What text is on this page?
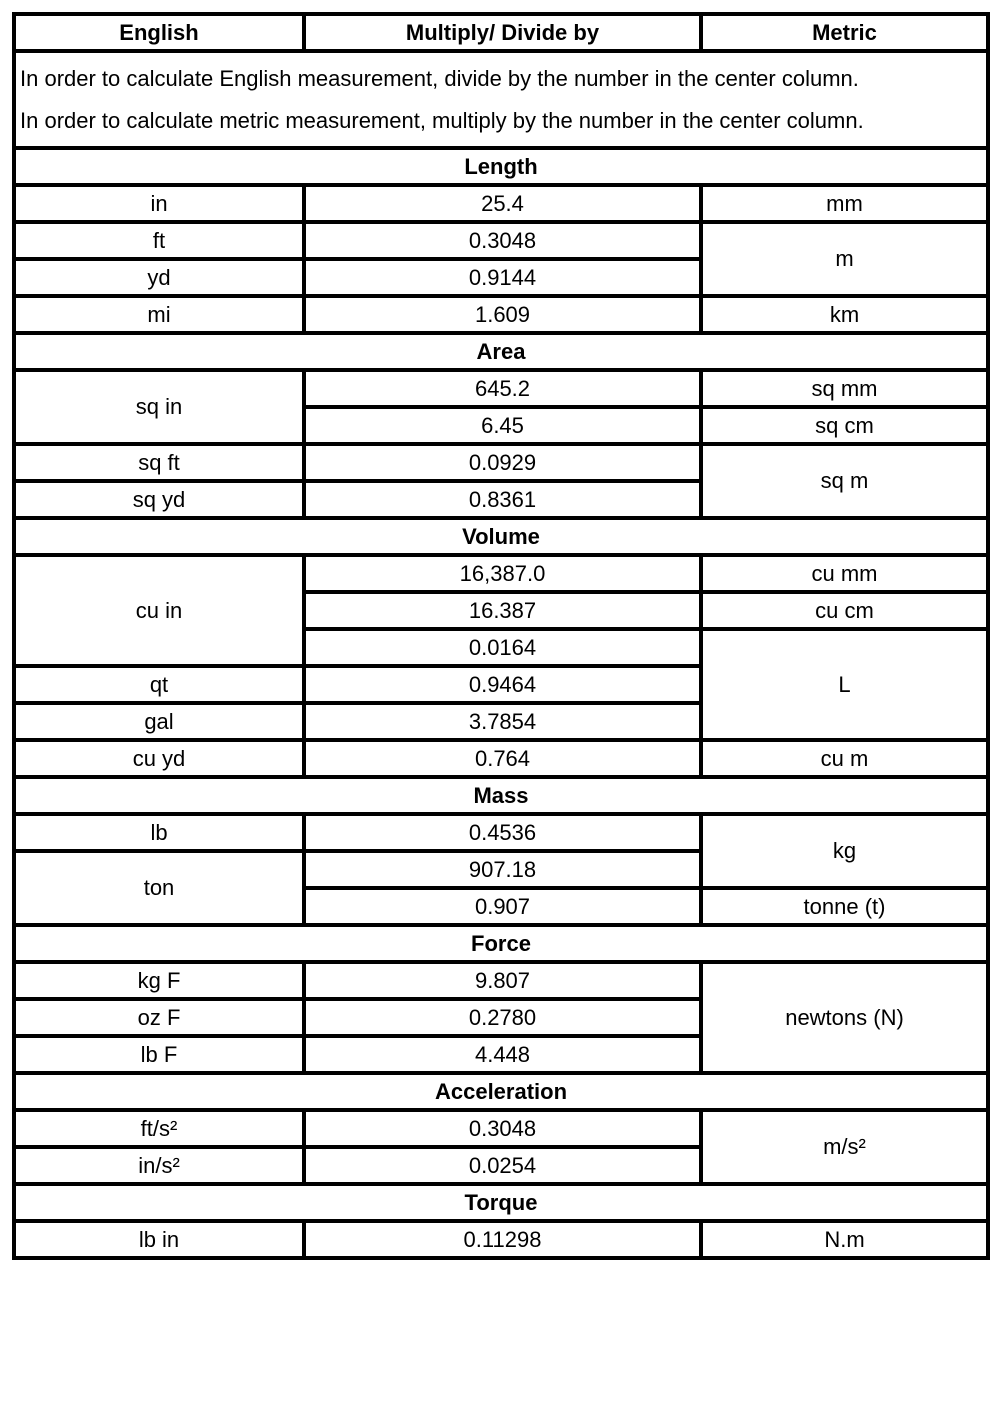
English	Multiply/ Divide by	Metric

In order to calculate English measurement, divide by the number in the center column.
In order to calculate metric measurement, multiply by the number in the center column.		

Length		
in	25.4	mm
ft	0.3048	m
yd	0.9144	
mi	1.609	km
Area		
sq in	645.2	sq mm
	6.45	sq cm
sq ft	0.0929	sq m
sq yd	0.8361	
Volume		
cu in	16,387.0	cu mm
	16.387	cu cm
	0.0164	L
qt	0.9464	
gal	3.7854	
cu yd	0.764	cu m
Mass		
lb	0.4536	kg
ton	907.18	
	0.907	tonne (t)
Force		
kg F	9.807	newtons (N)
oz F	0.2780	
lb F	4.448	
Acceleration		
ft/s²	0.3048	m/s²
in/s²	0.0254	
Torque		
lb in	0.11298	N.m
